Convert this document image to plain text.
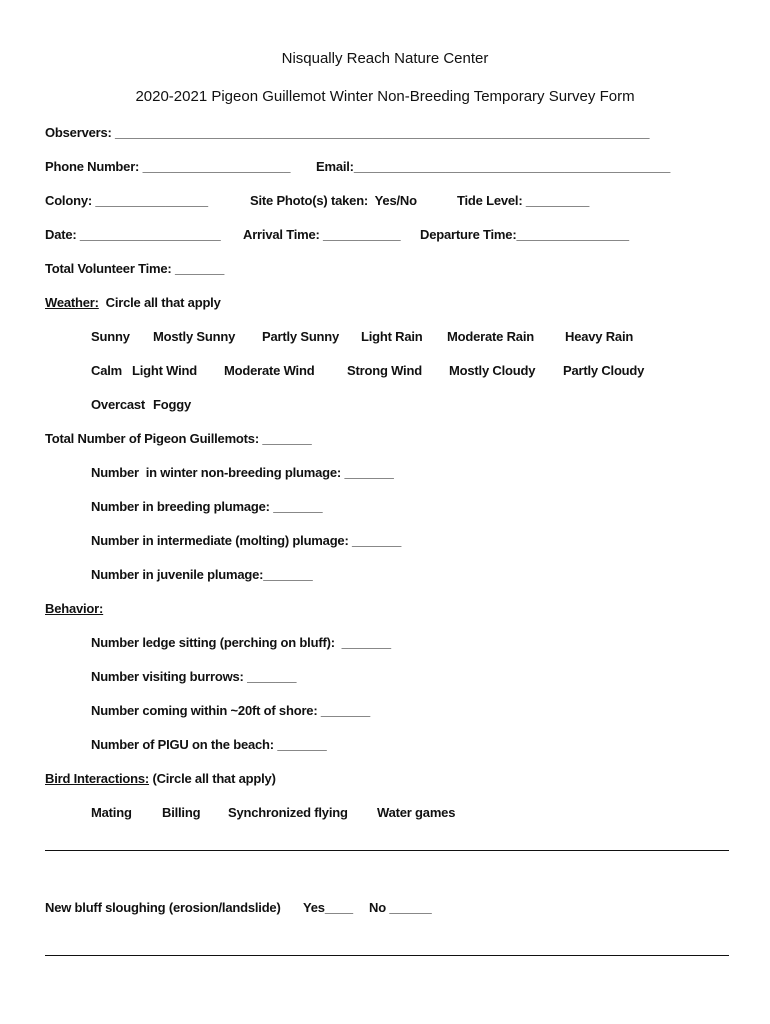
Nisqually Reach Nature Center
2020-2021 Pigeon Guillemot Winter Non-Breeding Temporary Survey Form
Observers: ____________________________________________________________________________
Phone Number: _____________________ Email:_____________________________________________
Colony: ________________	Site Photo(s) taken:  Yes/No	Tide Level: _________
Date: ____________________ Arrival Time: ___________ Departure Time:________________
Total Volunteer Time: _______
Weather: Circle all that apply
Sunny Mostly Sunny Partly Sunny Light Rain Moderate Rain Heavy Rain
Calm Light Wind Moderate Wind	Strong Wind Mostly Cloudy Partly Cloudy
Overcast Foggy
Total Number of Pigeon Guillemots: _______
Number  in winter non-breeding plumage: _______
Number in breeding plumage: _______
Number in intermediate (molting) plumage: _______
Number in juvenile plumage:_______
Behavior:
Number ledge sitting (perching on bluff):  _______
Number visiting burrows: _______
Number coming within ~20ft of shore: _______
Number of PIGU on the beach: _______
Bird Interactions: (Circle all that apply)
Mating Billing Synchronized flying Water games
New bluff sloughing (erosion/landslide) Yes____ No ______
